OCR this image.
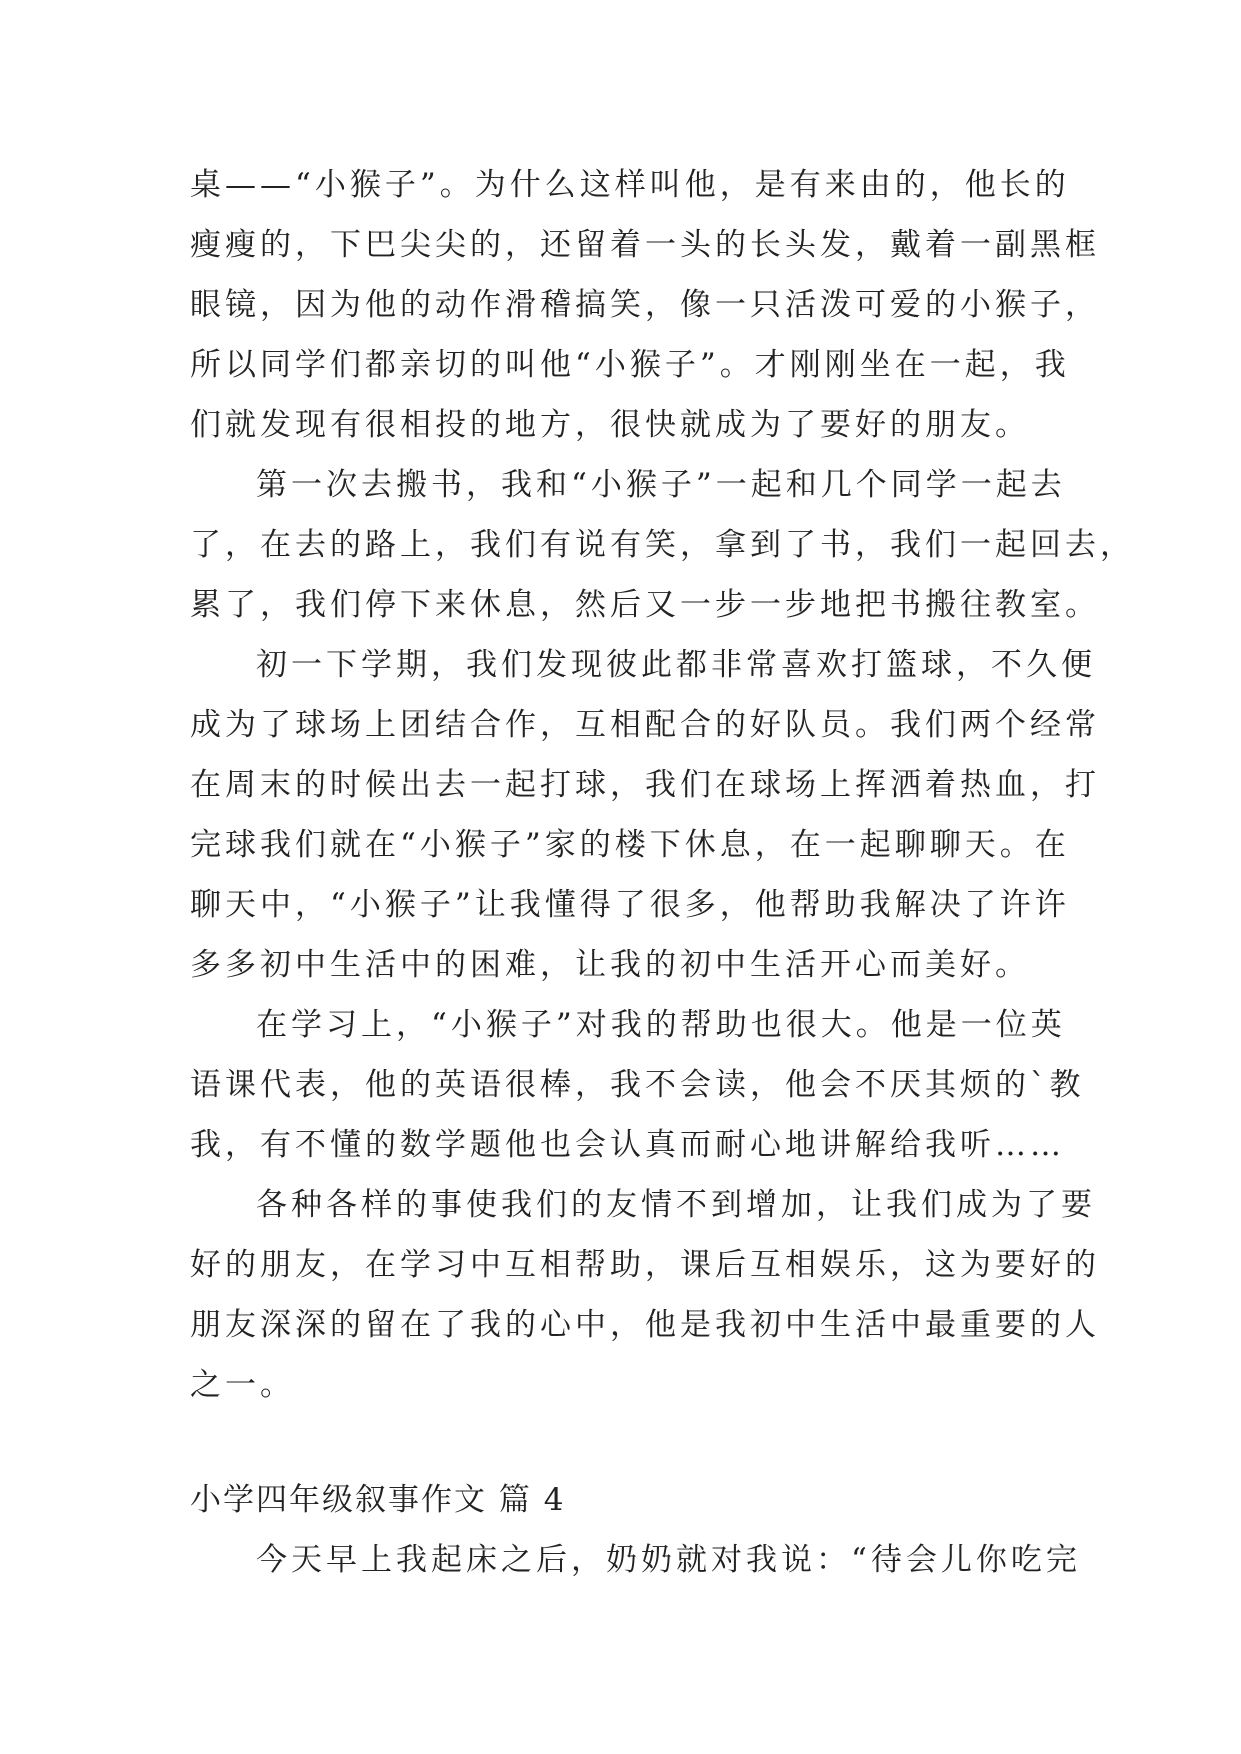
桌——“小猴子”。为什么这样叫他，是有来由的，他长的
瘦瘦的，下巴尖尖的，还留着一头的长头发，戴着一副黑框
眼镜，因为他的动作滑稽搞笑，像一只活泼可爱的小猴子，
所以同学们都亲切的叫他“小猴子”。才刚刚坐在一起，我
们就发现有很相投的地方，很快就成为了要好的朋友。
第一次去搬书，我和“小猴子”一起和几个同学一起去
了，在去的路上，我们有说有笑，拿到了书，我们一起回去，
累了，我们停下来休息，然后又一步一步地把书搬往教室。
初一下学期，我们发现彼此都非常喜欢打篮球，不久便
成为了球场上团结合作，互相配合的好队员。我们两个经常
在周末的时候出去一起打球，我们在球场上挥洒着热血，打
完球我们就在“小猴子”家的楼下休息，在一起聊聊天。在
聊天中，“小猴子”让我懂得了很多，他帮助我解决了许许
多多初中生活中的困难，让我的初中生活开心而美好。
在学习上，“小猴子”对我的帮助也很大。他是一位英
语课代表，他的英语很棒，我不会读，他会不厌其烦的`教
我，有不懂的数学题他也会认真而耐心地讲解给我听……
各种各样的事使我们的友情不到增加，让我们成为了要
好的朋友，在学习中互相帮助，课后互相娱乐，这为要好的
朋友深深的留在了我的心中，他是我初中生活中最重要的人
之一。
小学四年级叙事作文 篇 4
今天早上我起床之后，奶奶就对我说：“待会儿你吃完
